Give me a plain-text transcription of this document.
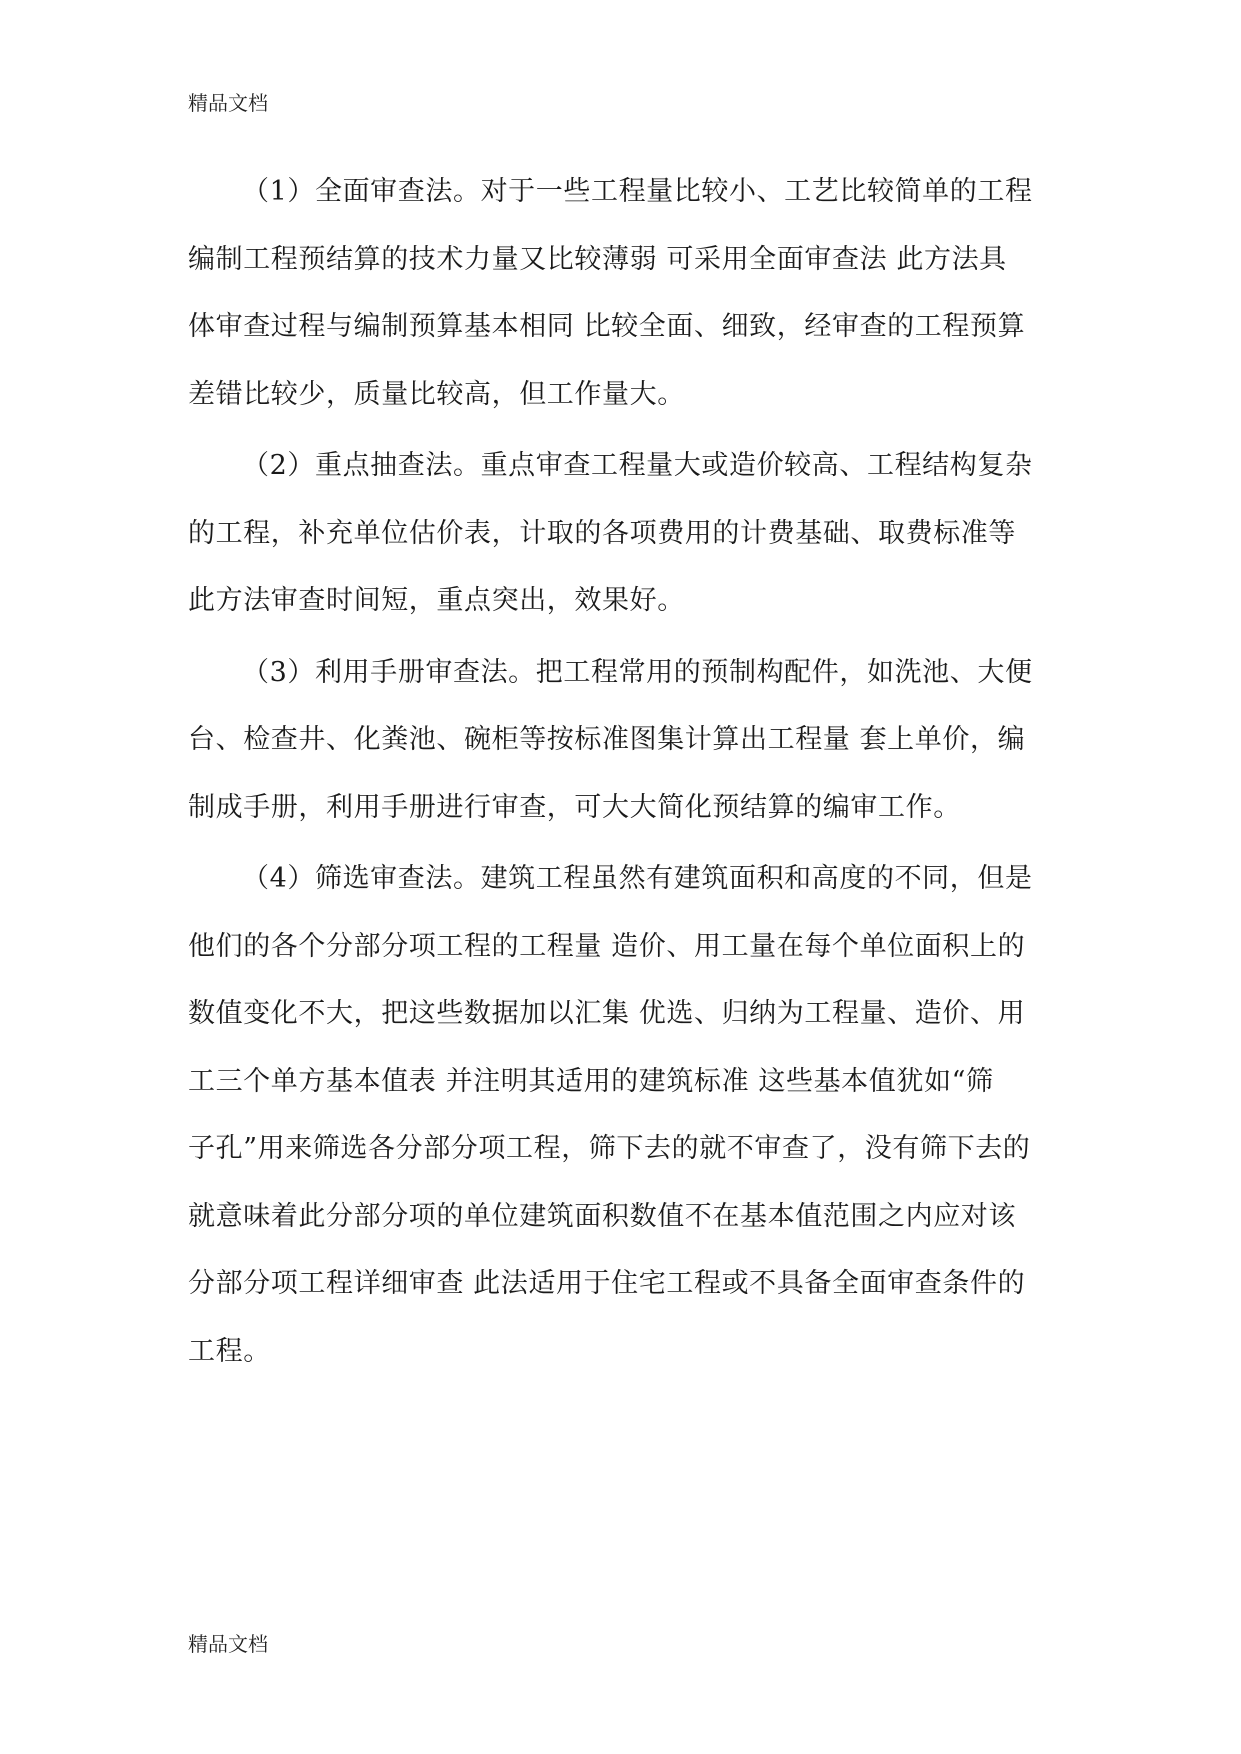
精品文档
（1）全面审查法。对于一些工程量比较小、工艺比较简单的工程
编制工程预结算的技术力量又比较薄弱 可采用全面审查法 此方法具
体审查过程与编制预算基本相同 比较全面、细致，经审查的工程预算
差错比较少，质量比较高，但工作量大。
（2）重点抽查法。重点审查工程量大或造价较高、工程结构复杂
的工程，补充单位估价表，计取的各项费用的计费基础、取费标准等
此方法审查时间短，重点突出，效果好。
（3）利用手册审查法。把工程常用的预制构配件，如洗池、大便
台、检查井、化粪池、碗柜等按标准图集计算出工程量 套上单价，编
制成手册，利用手册进行审查，可大大简化预结算的编审工作。
（4）筛选审查法。建筑工程虽然有建筑面积和高度的不同，但是
他们的各个分部分项工程的工程量 造价、用工量在每个单位面积上的
数值变化不大，把这些数据加以汇集 优选、归纳为工程量、造价、用
工三个单方基本值表 并注明其适用的建筑标准 这些基本值犹如“筛
子孔”用来筛选各分部分项工程，筛下去的就不审查了，没有筛下去的
就意味着此分部分项的单位建筑面积数值不在基本值范围之内应对该
分部分项工程详细审查 此法适用于住宅工程或不具备全面审查条件的
工程。
精品文档
